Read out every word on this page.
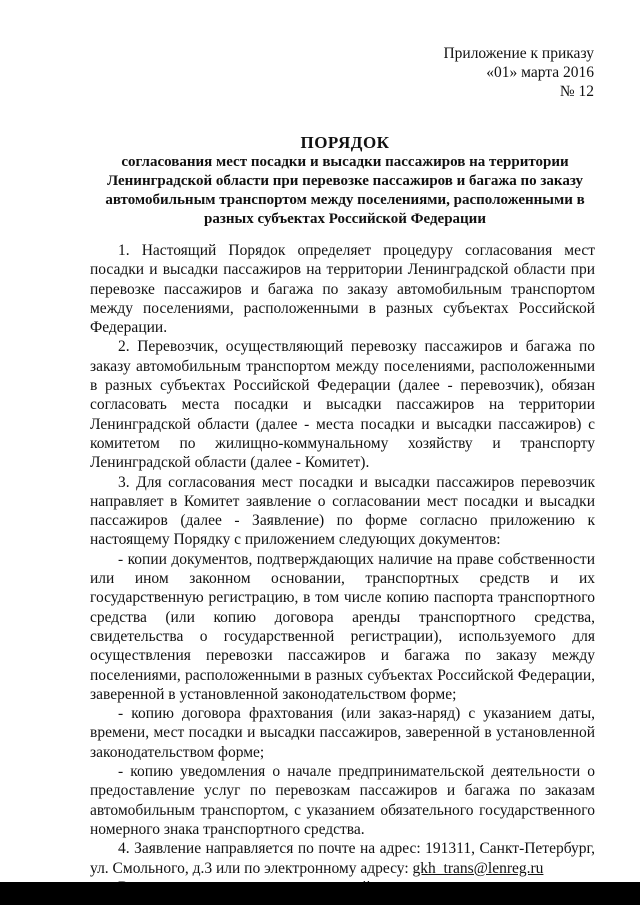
Приложение к приказу
«01» марта 2016
№ 12
ПОРЯДОК
согласования мест посадки и высадки пассажиров на территории Ленинградской области при перевозке пассажиров и багажа по заказу автомобильным транспортом между поселениями, расположенными в разных субъектах Российской Федерации

1. Настоящий Порядок определяет процедуру согласования мест посадки и высадки пассажиров на территории Ленинградской области при перевозке пассажиров и багажа по заказу автомобильным транспортом между поселениями, расположенными в разных субъектах Российской Федерации.

2. Перевозчик, осуществляющий перевозку пассажиров и багажа по заказу автомобильным транспортом между поселениями, расположенными в разных субъектах Российской Федерации (далее - перевозчик), обязан согласовать места посадки и высадки пассажиров на территории Ленинградской области (далее - места посадки и высадки пассажиров) с комитетом по жилищно-коммунальному хозяйству и транспорту Ленинградской области (далее - Комитет).

3. Для согласования мест посадки и высадки пассажиров перевозчик направляет в Комитет заявление о согласовании мест посадки и высадки пассажиров (далее - Заявление) по форме согласно приложению к настоящему Порядку с приложением следующих документов:

- копии документов, подтверждающих наличие на праве собственности или ином законном основании, транспортных средств и их государственную регистрацию, в том числе копию паспорта транспортного средства (или копию договора аренды транспортного средства, свидетельства о государственной регистрации), используемого для осуществления перевозки пассажиров и багажа по заказу между поселениями, расположенными в разных субъектах Российской Федерации, заверенной в установленной законодательством форме;

- копию договора фрахтования (или заказ-наряд) с указанием даты, времени, мест посадки и высадки пассажиров, заверенной в установленной законодательством форме;

- копию уведомления о начале предпринимательской деятельности о предоставление услуг по перевозкам пассажиров и багажа по заказам автомобильным транспортом, с указанием обязательного государственного номерного знака транспортного средства.

4. Заявление направляется по почте на адрес: 191311, Санкт-Петербург, ул. Смольного, д.3 или по электронному адресу: gkh_trans@lenreg.ru
